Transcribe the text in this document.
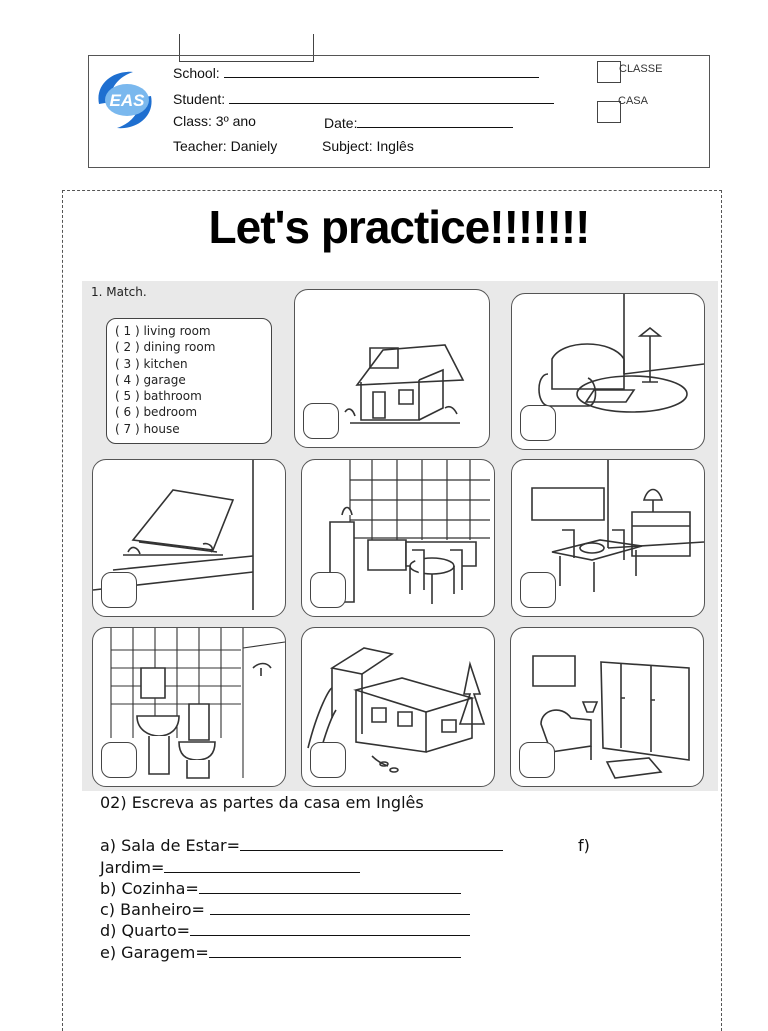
EAS
School:
Student:
Class: 3º ano	Date:
Teacher: Daniely	Subject: Inglês
CLASSE
CASA
Let's practice!!!!!!!
1. Match.
( 1 ) living room
( 2 ) dining room
( 3 ) kitchen
( 4 ) garage
( 5 ) bathroom
( 6 ) bedroom
( 7 ) house
02) Escreva as partes da casa em Inglês
a) Sala de Estar=	f)
Jardim=
b) Cozinha=
c) Banheiro=
d) Quarto=
e) Garagem=
